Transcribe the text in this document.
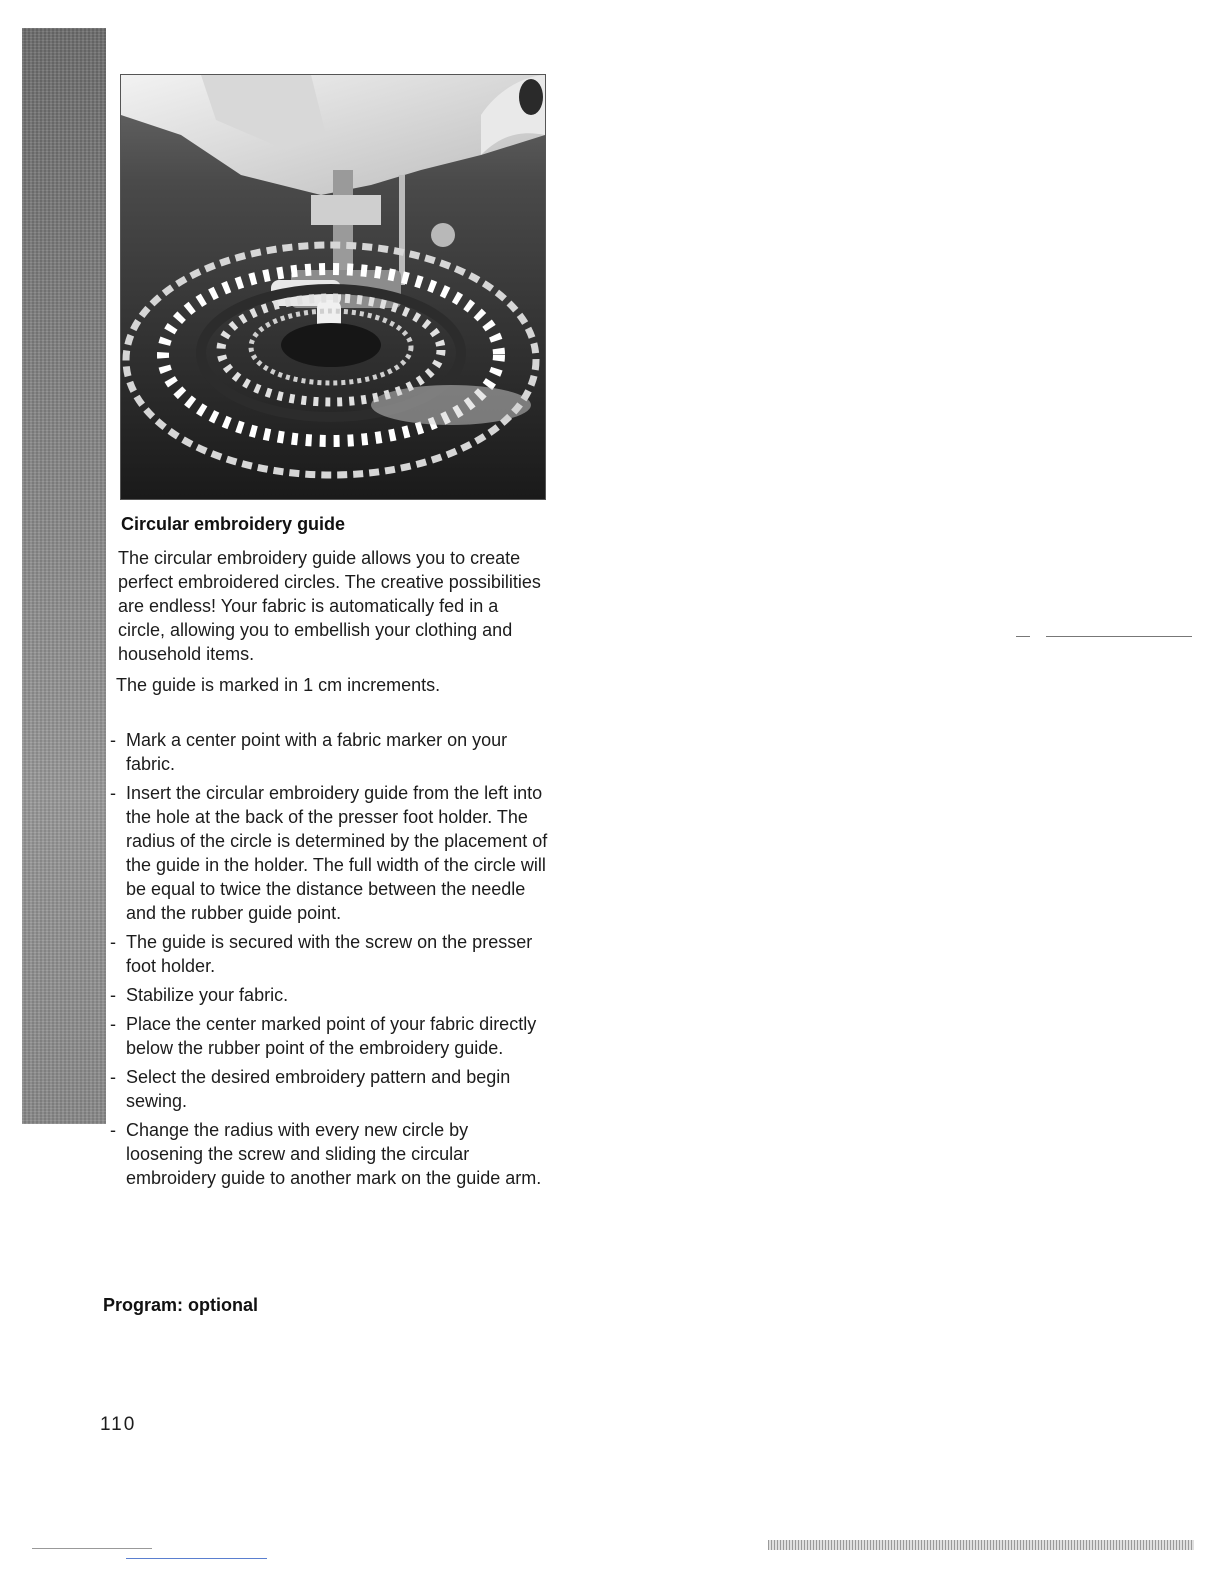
Circular embroidery guide

The circular embroidery guide allows you to create perfect embroidered circles. The creative possibilities are endless! Your fabric is automatically fed in a circle, allowing you to embellish your clothing and household items.

The guide is marked in 1 cm increments.

- Mark a center point with a fabric marker on your fabric.
- Insert the circular embroidery guide from the left into the hole at the back of the presser foot holder. The radius of the circle is determined by the placement of the guide in the holder. The full width of the circle will be equal to twice the distance between the needle and the rubber guide point.
- The guide is secured with the screw on the presser foot holder.
- Stabilize your fabric.
- Place the center marked point of your fabric directly below the rubber point of the embroidery guide.
- Select the desired embroidery pattern and begin sewing.
- Change the radius with every new circle by loosening the screw and sliding the circular embroidery guide to another mark on the guide arm.
Program: optional

110
